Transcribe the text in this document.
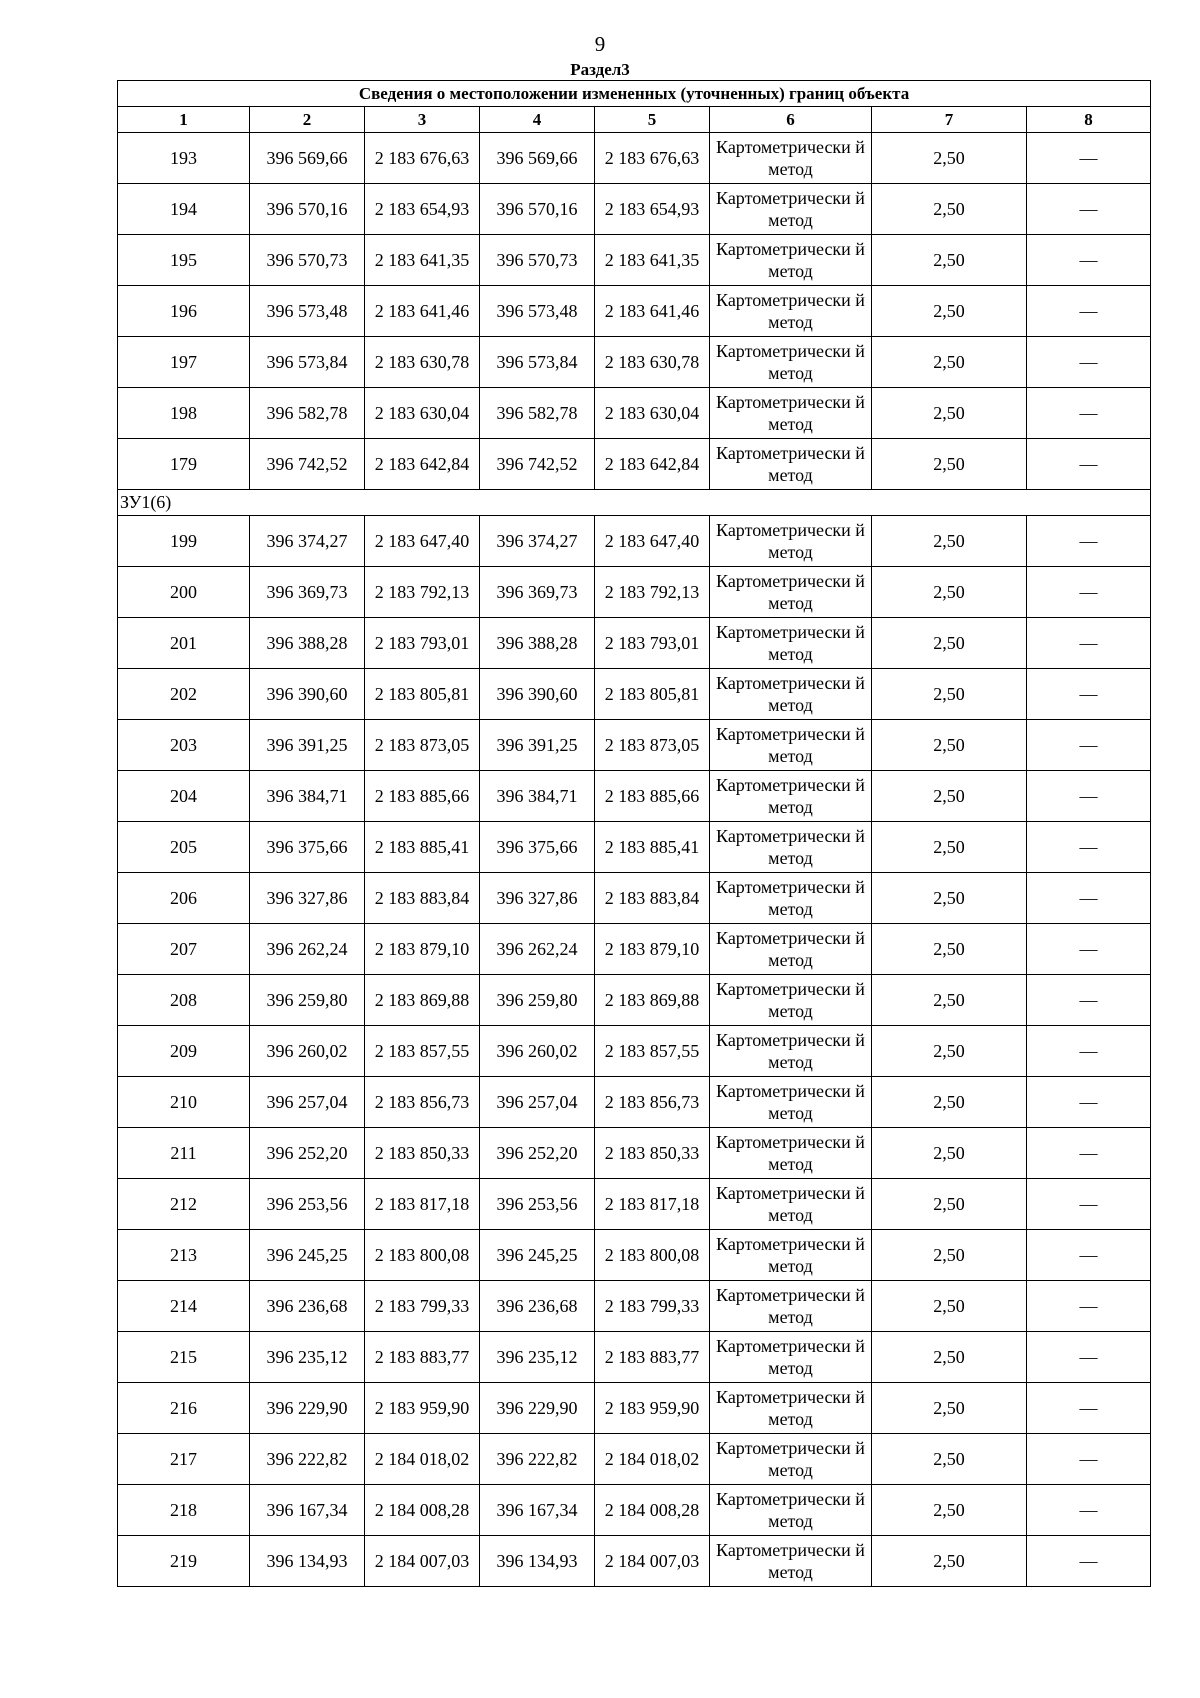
9
Раздел3
Сведения о местоположении измененных (уточненных) границ объекта							
1	2	3	4	5	6	7	8
193	396 569,66	2 183 676,63	396 569,66	2 183 676,63	Картометрически й метод	2,50	—
194	396 570,16	2 183 654,93	396 570,16	2 183 654,93	Картометрически й метод	2,50	—
195	396 570,73	2 183 641,35	396 570,73	2 183 641,35	Картометрически й метод	2,50	—
196	396 573,48	2 183 641,46	396 573,48	2 183 641,46	Картометрически й метод	2,50	—
197	396 573,84	2 183 630,78	396 573,84	2 183 630,78	Картометрически й метод	2,50	—
198	396 582,78	2 183 630,04	396 582,78	2 183 630,04	Картометрически й метод	2,50	—
179	396 742,52	2 183 642,84	396 742,52	2 183 642,84	Картометрически й метод	2,50	—
ЗУ1(6)							
199	396 374,27	2 183 647,40	396 374,27	2 183 647,40	Картометрически й метод	2,50	—
200	396 369,73	2 183 792,13	396 369,73	2 183 792,13	Картометрически й метод	2,50	—
201	396 388,28	2 183 793,01	396 388,28	2 183 793,01	Картометрически й метод	2,50	—
202	396 390,60	2 183 805,81	396 390,60	2 183 805,81	Картометрически й метод	2,50	—
203	396 391,25	2 183 873,05	396 391,25	2 183 873,05	Картометрически й метод	2,50	—
204	396 384,71	2 183 885,66	396 384,71	2 183 885,66	Картометрически й метод	2,50	—
205	396 375,66	2 183 885,41	396 375,66	2 183 885,41	Картометрически й метод	2,50	—
206	396 327,86	2 183 883,84	396 327,86	2 183 883,84	Картометрически й метод	2,50	—
207	396 262,24	2 183 879,10	396 262,24	2 183 879,10	Картометрически й метод	2,50	—
208	396 259,80	2 183 869,88	396 259,80	2 183 869,88	Картометрически й метод	2,50	—
209	396 260,02	2 183 857,55	396 260,02	2 183 857,55	Картометрически й метод	2,50	—
210	396 257,04	2 183 856,73	396 257,04	2 183 856,73	Картометрически й метод	2,50	—
211	396 252,20	2 183 850,33	396 252,20	2 183 850,33	Картометрически й метод	2,50	—
212	396 253,56	2 183 817,18	396 253,56	2 183 817,18	Картометрически й метод	2,50	—
213	396 245,25	2 183 800,08	396 245,25	2 183 800,08	Картометрически й метод	2,50	—
214	396 236,68	2 183 799,33	396 236,68	2 183 799,33	Картометрически й метод	2,50	—
215	396 235,12	2 183 883,77	396 235,12	2 183 883,77	Картометрически й метод	2,50	—
216	396 229,90	2 183 959,90	396 229,90	2 183 959,90	Картометрически й метод	2,50	—
217	396 222,82	2 184 018,02	396 222,82	2 184 018,02	Картометрически й метод	2,50	—
218	396 167,34	2 184 008,28	396 167,34	2 184 008,28	Картометрически й метод	2,50	—
219	396 134,93	2 184 007,03	396 134,93	2 184 007,03	Картометрически й метод	2,50	—
